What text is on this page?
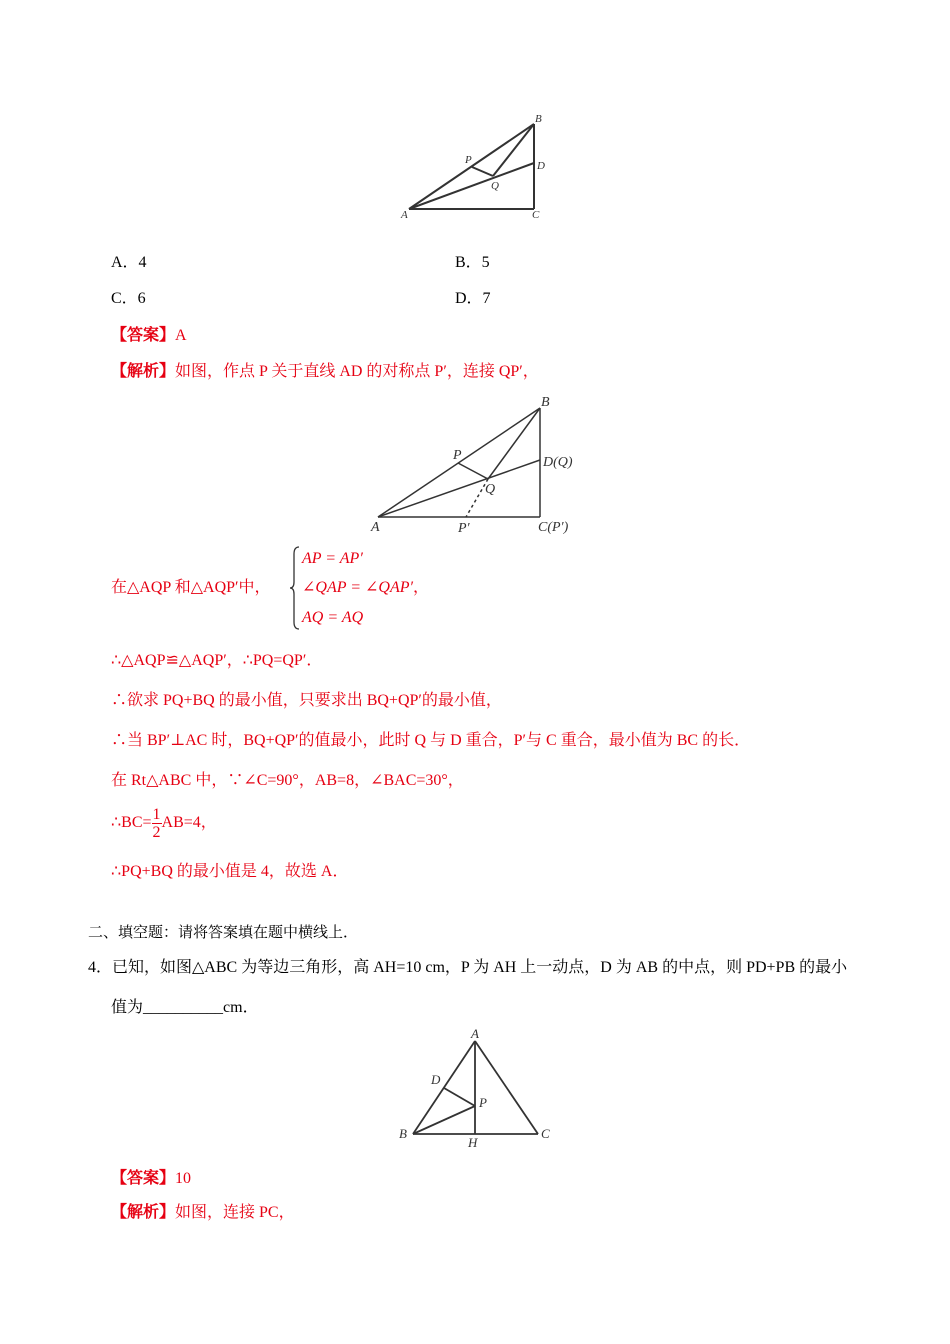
B
D
P
Q
A	C
A．4	B．5
C．6	D．7
【答案】A
【解析】如图，作点 P 关于直线 AD 的对称点 P′，连接 QP′，
B
D(Q)
P
Q
A	P′	C(P′)
在△AQP 和△AQP′中，
AP = AP′
∠QAP = ∠QAP′，
AQ = AQ
∴△AQP≌△AQP′，∴PQ=QP′．
∴欲求 PQ+BQ 的最小值，只要求出 BQ+QP′的最小值，
∴当 BP′⊥AC 时，BQ+QP′的值最小，此时 Q 与 D 重合，P′与 C 重合，最小值为 BC 的长．
在 Rt△ABC 中，∵∠C=90°，AB=8，∠BAC=30°，
∴BC= $\frac{1}{2} AB=4$，
∴PQ+BQ 的最小值是 4，故选 A．
二、填空题：请将答案填在题中横线上．
4．已知，如图△ABC 为等边三角形，高 AH=10 cm，P 为 AH 上一动点，D 为 AB 的中点，则 PD+PB 的最小
值为__________cm．
A
D
P
B
H
C
【答案】10
【解析】如图，连接 PC，
